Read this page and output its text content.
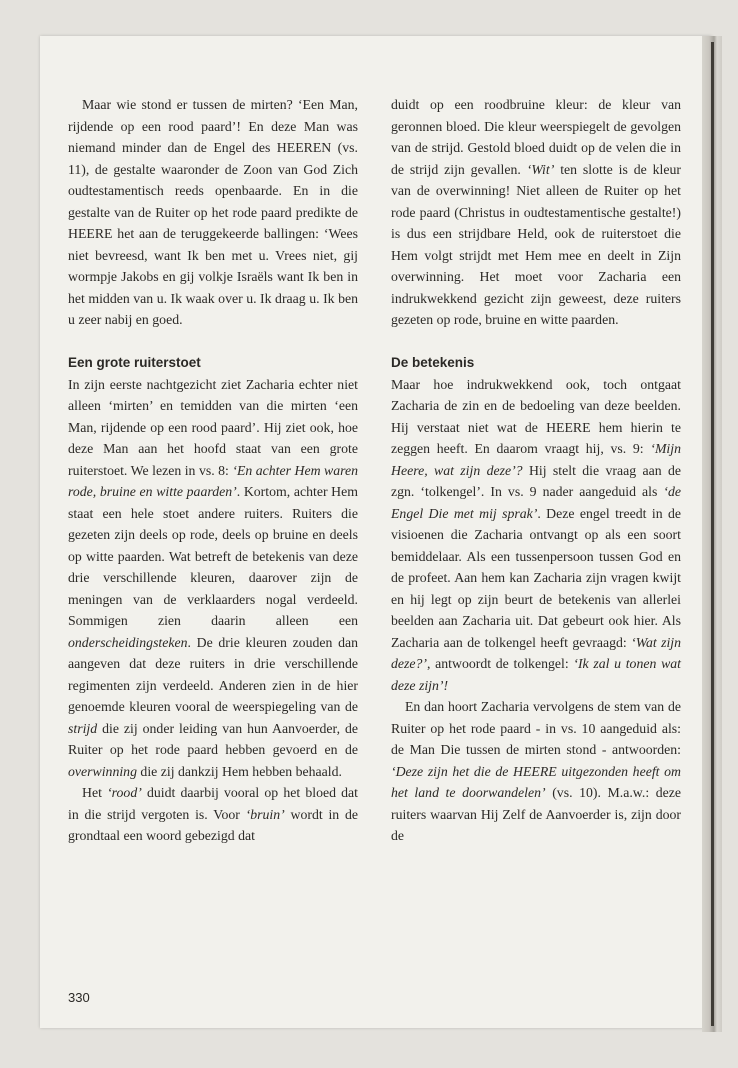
Maar wie stond er tussen de mirten? ‘Een Man, rijdende op een rood paard’! En deze Man was niemand minder dan de Engel des HEEREN (vs. 11), de gestalte waaronder de Zoon van God Zich oudtestamentisch reeds openbaarde. En in die gestalte van de Ruiter op het rode paard predikte de HEERE het aan de teruggekeerde ballingen: ‘Wees niet bevreesd, want Ik ben met u. Vrees niet, gij wormpje Jakobs en gij volkje Israëls want Ik ben in het midden van u. Ik waak over u. Ik draag u. Ik ben u zeer nabij en goed.

Een grote ruiterstoet

In zijn eerste nachtgezicht ziet Zacharia echter niet alleen ‘mirten’ en temidden van die mirten ‘een Man, rijdende op een rood paard’. Hij ziet ook, hoe deze Man aan het hoofd staat van een grote ruiterstoet. We lezen in vs. 8: ‘En achter Hem waren rode, bruine en witte paarden’. Kortom, achter Hem staat een hele stoet andere ruiters. Ruiters die gezeten zijn deels op rode, deels op bruine en deels op witte paarden. Wat betreft de betekenis van deze drie verschillende kleuren, daarover zijn de meningen van de verklaarders nogal verdeeld. Sommigen zien daarin alleen een onderscheidingsteken. De drie kleuren zouden dan aangeven dat deze ruiters in drie verschillende regimenten zijn verdeeld. Anderen zien in de hier genoemde kleuren vooral de weerspiegeling van de strijd die zij onder leiding van hun Aanvoerder, de Ruiter op het rode paard hebben gevoerd en de overwinning die zij dankzij Hem hebben behaald.

Het ‘rood’ duidt daarbij vooral op het bloed dat in die strijd vergoten is. Voor ‘bruin’ wordt in de grondtaal een woord gebezigd dat

duidt op een roodbruine kleur: de kleur van geronnen bloed. Die kleur weerspiegelt de gevolgen van de strijd. Gestold bloed duidt op de velen die in de strijd zijn gevallen. ‘Wit’ ten slotte is de kleur van de overwinning! Niet alleen de Ruiter op het rode paard (Christus in oudtestamentische gestalte!) is dus een strijdbare Held, ook de ruiterstoet die Hem volgt strijdt met Hem mee en deelt in Zijn overwinning. Het moet voor Zacharia een indrukwekkend gezicht zijn geweest, deze ruiters gezeten op rode, bruine en witte paarden.

De betekenis

Maar hoe indrukwekkend ook, toch ontgaat Zacharia de zin en de bedoeling van deze beelden. Hij verstaat niet wat de HEERE hem hierin te zeggen heeft. En daarom vraagt hij, vs. 9: ‘Mijn Heere, wat zijn deze’? Hij stelt die vraag aan de zgn. ‘tolkengel’. In vs. 9 nader aangeduid als ‘de Engel Die met mij sprak’. Deze engel treedt in de visioenen die Zacharia ontvangt op als een soort bemiddelaar. Als een tussenpersoon tussen God en de profeet. Aan hem kan Zacharia zijn vragen kwijt en hij legt op zijn beurt de betekenis van allerlei beelden aan Zacharia uit. Dat gebeurt ook hier. Als Zacharia aan de tolkengel heeft gevraagd: ‘Wat zijn deze?’, antwoordt de tolkengel: ‘Ik zal u tonen wat deze zijn’!

En dan hoort Zacharia vervolgens de stem van de Ruiter op het rode paard - in vs. 10 aangeduid als: de Man Die tussen de mirten stond - antwoorden: ‘Deze zijn het die de HEERE uitgezonden heeft om het land te doorwandelen’ (vs. 10). M.a.w.: deze ruiters waarvan Hij Zelf de Aanvoerder is, zijn door de

330
